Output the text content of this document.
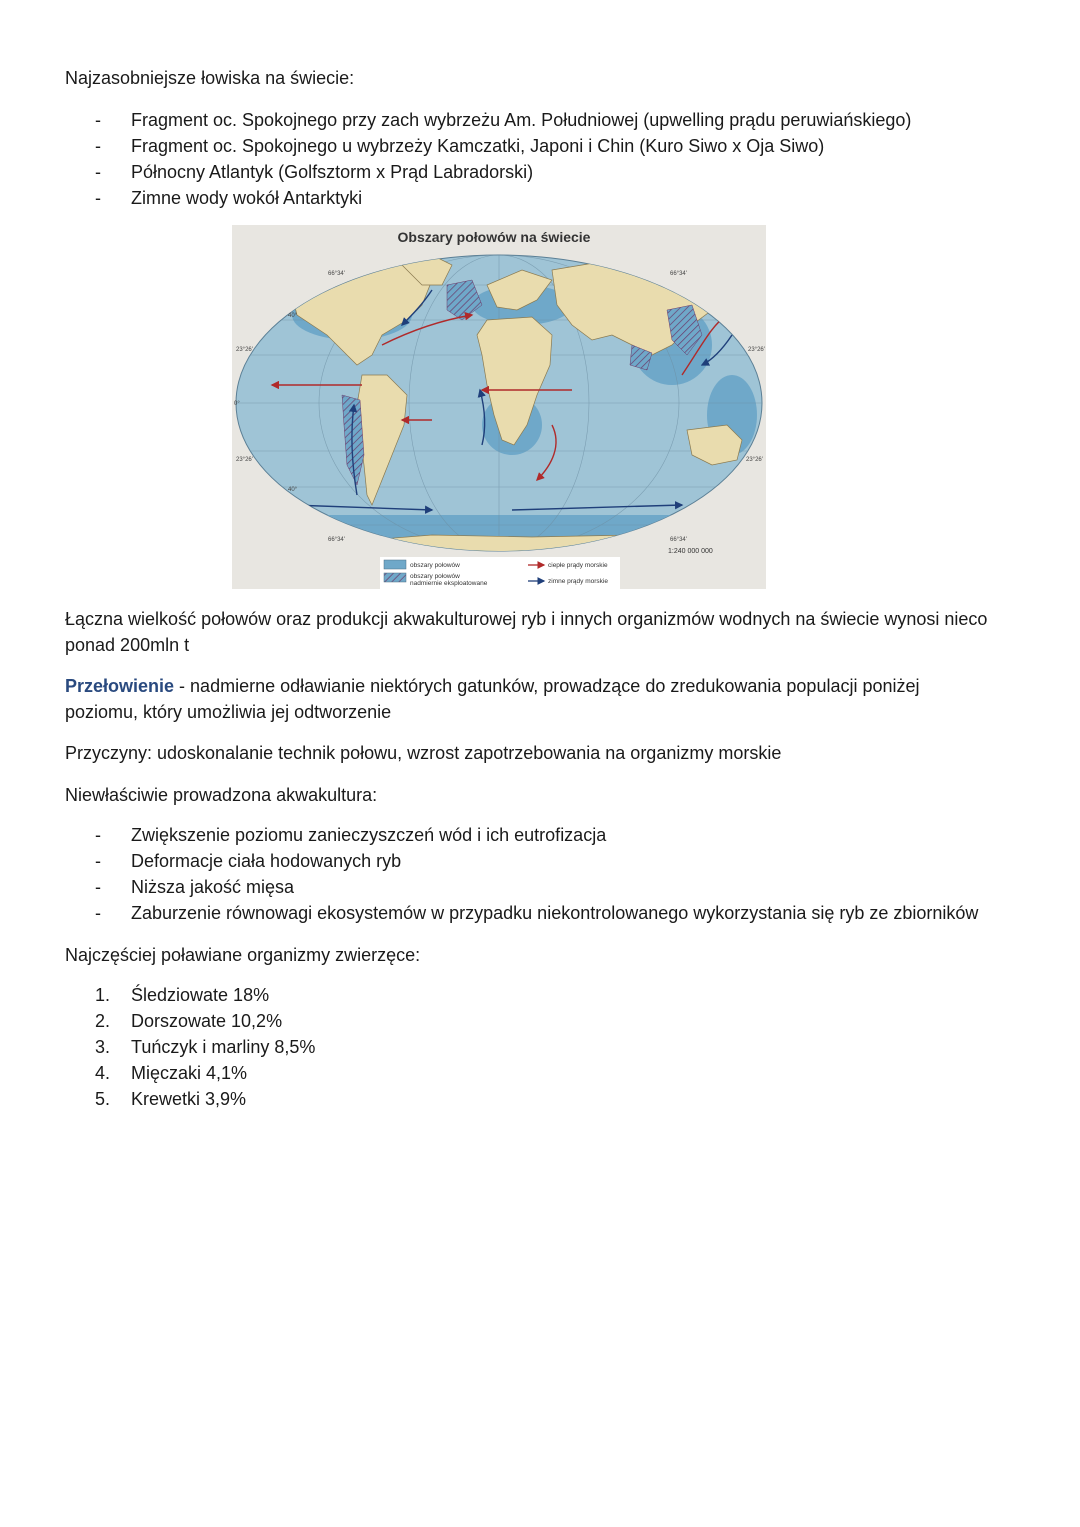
Najzasobniejsze łowiska na świecie:

-	Fragment oc. Spokojnego przy zach wybrzeżu Am. Południowej (upwelling prądu peruwiańskiego)
-	Fragment oc. Spokojnego u wybrzeży Kamczatki, Japoni i Chin (Kuro Siwo x Oja Siwo)
-	Północny Atlantyk (Golfsztorm x Prąd Labradorski)
-	Zimne wody wokół Antarktyki
Obszary połowów na świecie
66°34'	66°34'
23°26'	23°26'
0°
23°26'	23°26'
40°
40°
66°34'	66°34'
1:240 000 000
obszary połowów
obszary połowów
nadmiernie eksploatowane
ciepłe prądy morskie
zimne prądy morskie

Łączna wielkość połowów oraz produkcji akwakulturowej ryb i innych organizmów wodnych na świecie wynosi nieco ponad 200mln t

Przełowienie - nadmierne odławianie niektórych gatunków, prowadzące do zredukowania populacji poniżej poziomu, który umożliwia jej odtworzenie

Przyczyny: udoskonalanie technik połowu, wzrost zapotrzebowania na organizmy morskie

Niewłaściwie prowadzona akwakultura:

-	Zwiększenie poziomu zanieczyszczeń wód i ich eutrofizacja
-	Deformacje ciała hodowanych ryb
-	Niższa jakość mięsa
-	Zaburzenie równowagi ekosystemów w przypadku niekontrolowanego wykorzystania się ryb ze zbiorników

Najczęściej poławiane organizmy zwierzęce:

1.	Śledziowate 18%
2.	Dorszowate 10,2%
3.	Tuńczyk i marliny 8,5%
4.	Mięczaki 4,1%
5.	Krewetki 3,9%
